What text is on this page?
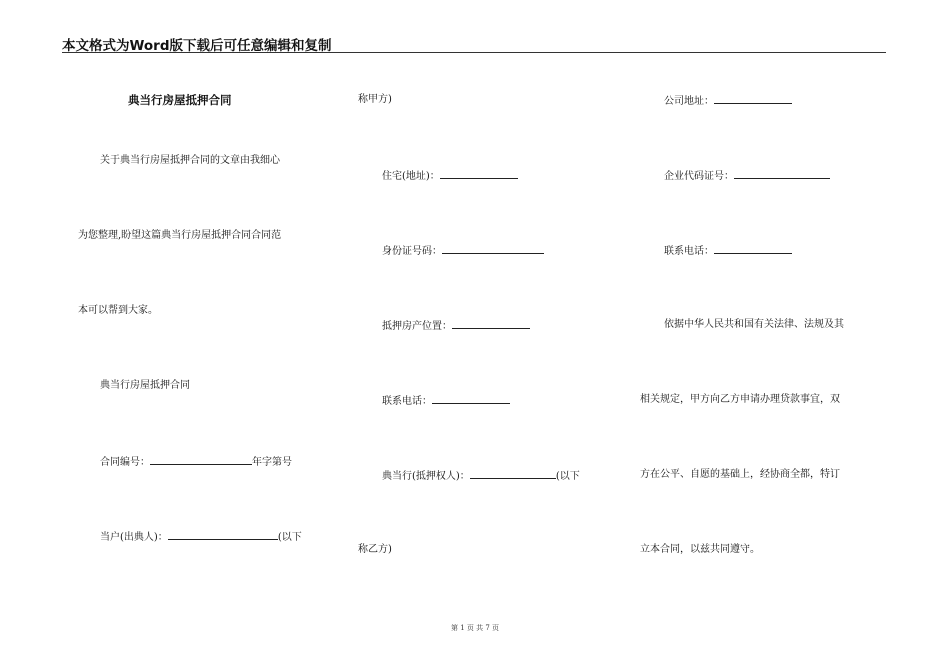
本文格式为Word版下载后可任意编辑和复制
典当行房屋抵押合同
关于典当行房屋抵押合同的文章由我细心
为您整理,盼望这篇典当行房屋抵押合同合同范
本可以帮到大家。
典当行房屋抵押合同
合同编号：	年字第号
当户(出典人)：	(以下
称甲方)
住宅(地址)：
身份证号码：
抵押房产位置：
联系电话：
典当行(抵押权人)：	(以下
称乙方)
公司地址：
企业代码证号：
联系电话：
依据中华人民共和国有关法律、法规及其
相关规定，甲方向乙方申请办理贷款事宜，双
方在公平、自愿的基础上，经协商全都，特订
立本合同，以兹共同遵守。
第 1 页 共 7 页
